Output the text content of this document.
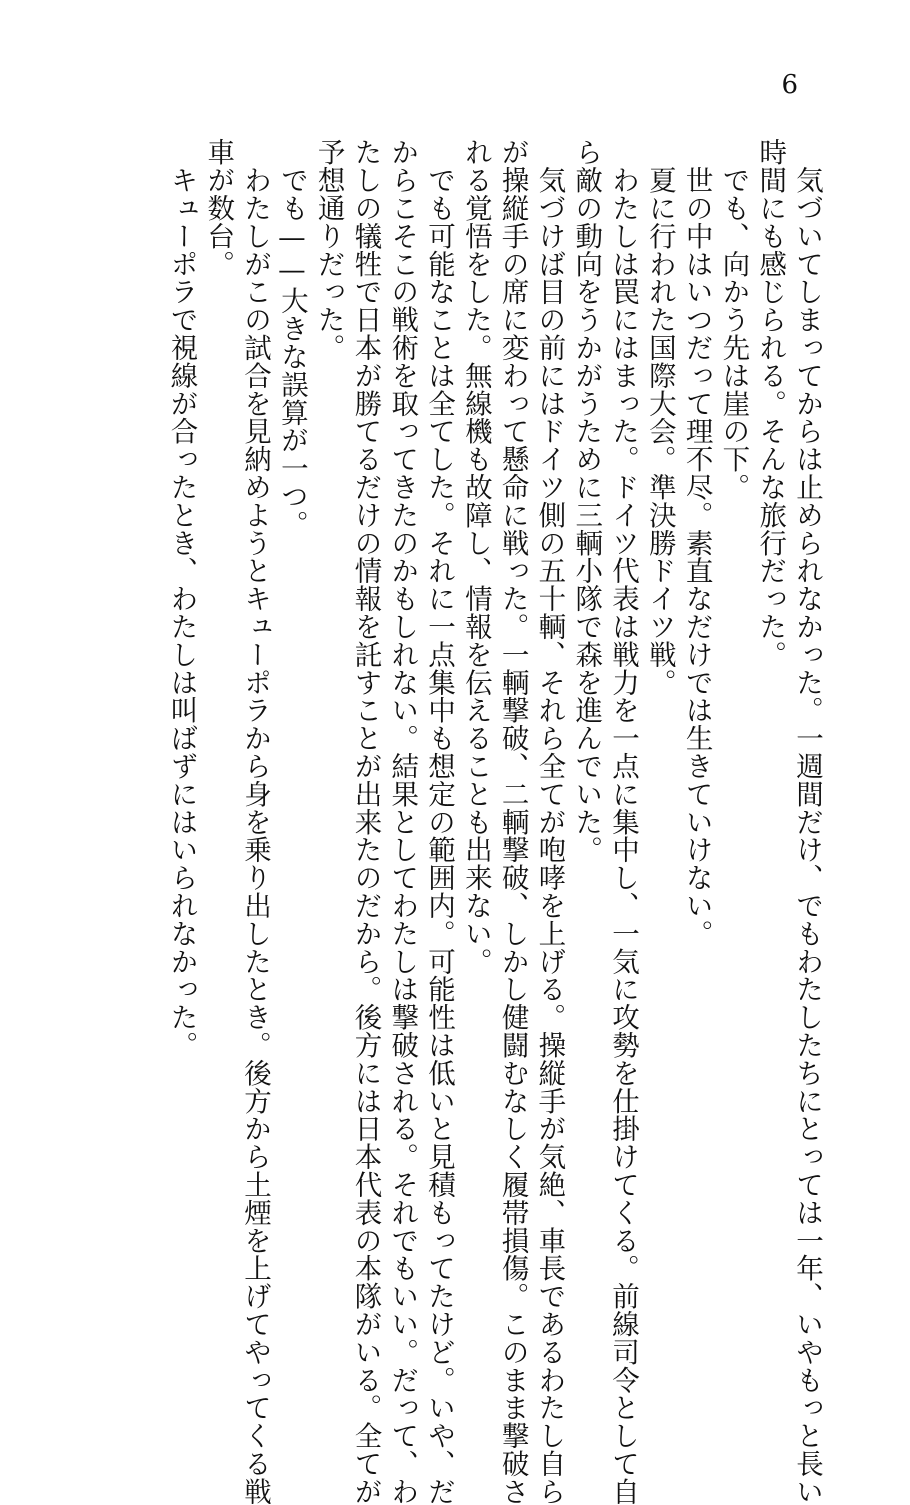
6
　気づいてしまってからは止められなかった。一週間だけ、でもわたしたちにとっては一年、いやもっと長い
時間にも感じられる。そんな旅行だった。
　でも、向かう先は崖の下。
　世の中はいつだって理不尽。素直なだけでは生きていけない。
　夏に行われた国際大会。準決勝ドイツ戦。
　わたしは罠にはまった。ドイツ代表は戦力を一点に集中し、一気に攻勢を仕掛けてくる。前線司令として自
ら敵の動向をうかがうために三輌小隊で森を進んでいた。
　気づけば目の前にはドイツ側の五十輌、それら全てが咆哮を上げる。操縦手が気絶、車長であるわたし自ら
が操縦手の席に変わって懸命に戦った。一輌撃破、二輌撃破、しかし健闘むなしく履帯損傷。このまま撃破さ
れる覚悟をした。無線機も故障し、情報を伝えることも出来ない。
　でも可能なことは全てした。それに一点集中も想定の範囲内。可能性は低いと見積もってたけど。いや、だ
からこそこの戦術を取ってきたのかもしれない。結果としてわたしは撃破される。それでもいい。だって、わ
たしの犠牲で日本が勝てるだけの情報を託すことが出来たのだから。後方には日本代表の本隊がいる。全てが
予想通りだった。
　でも——大きな誤算が一つ。
　わたしがこの試合を見納めようとキューポラから身を乗り出したとき。後方から土煙を上げてやってくる戦
車が数台。
　キューポラで視線が合ったとき、わたしは叫ばずにはいられなかった。
